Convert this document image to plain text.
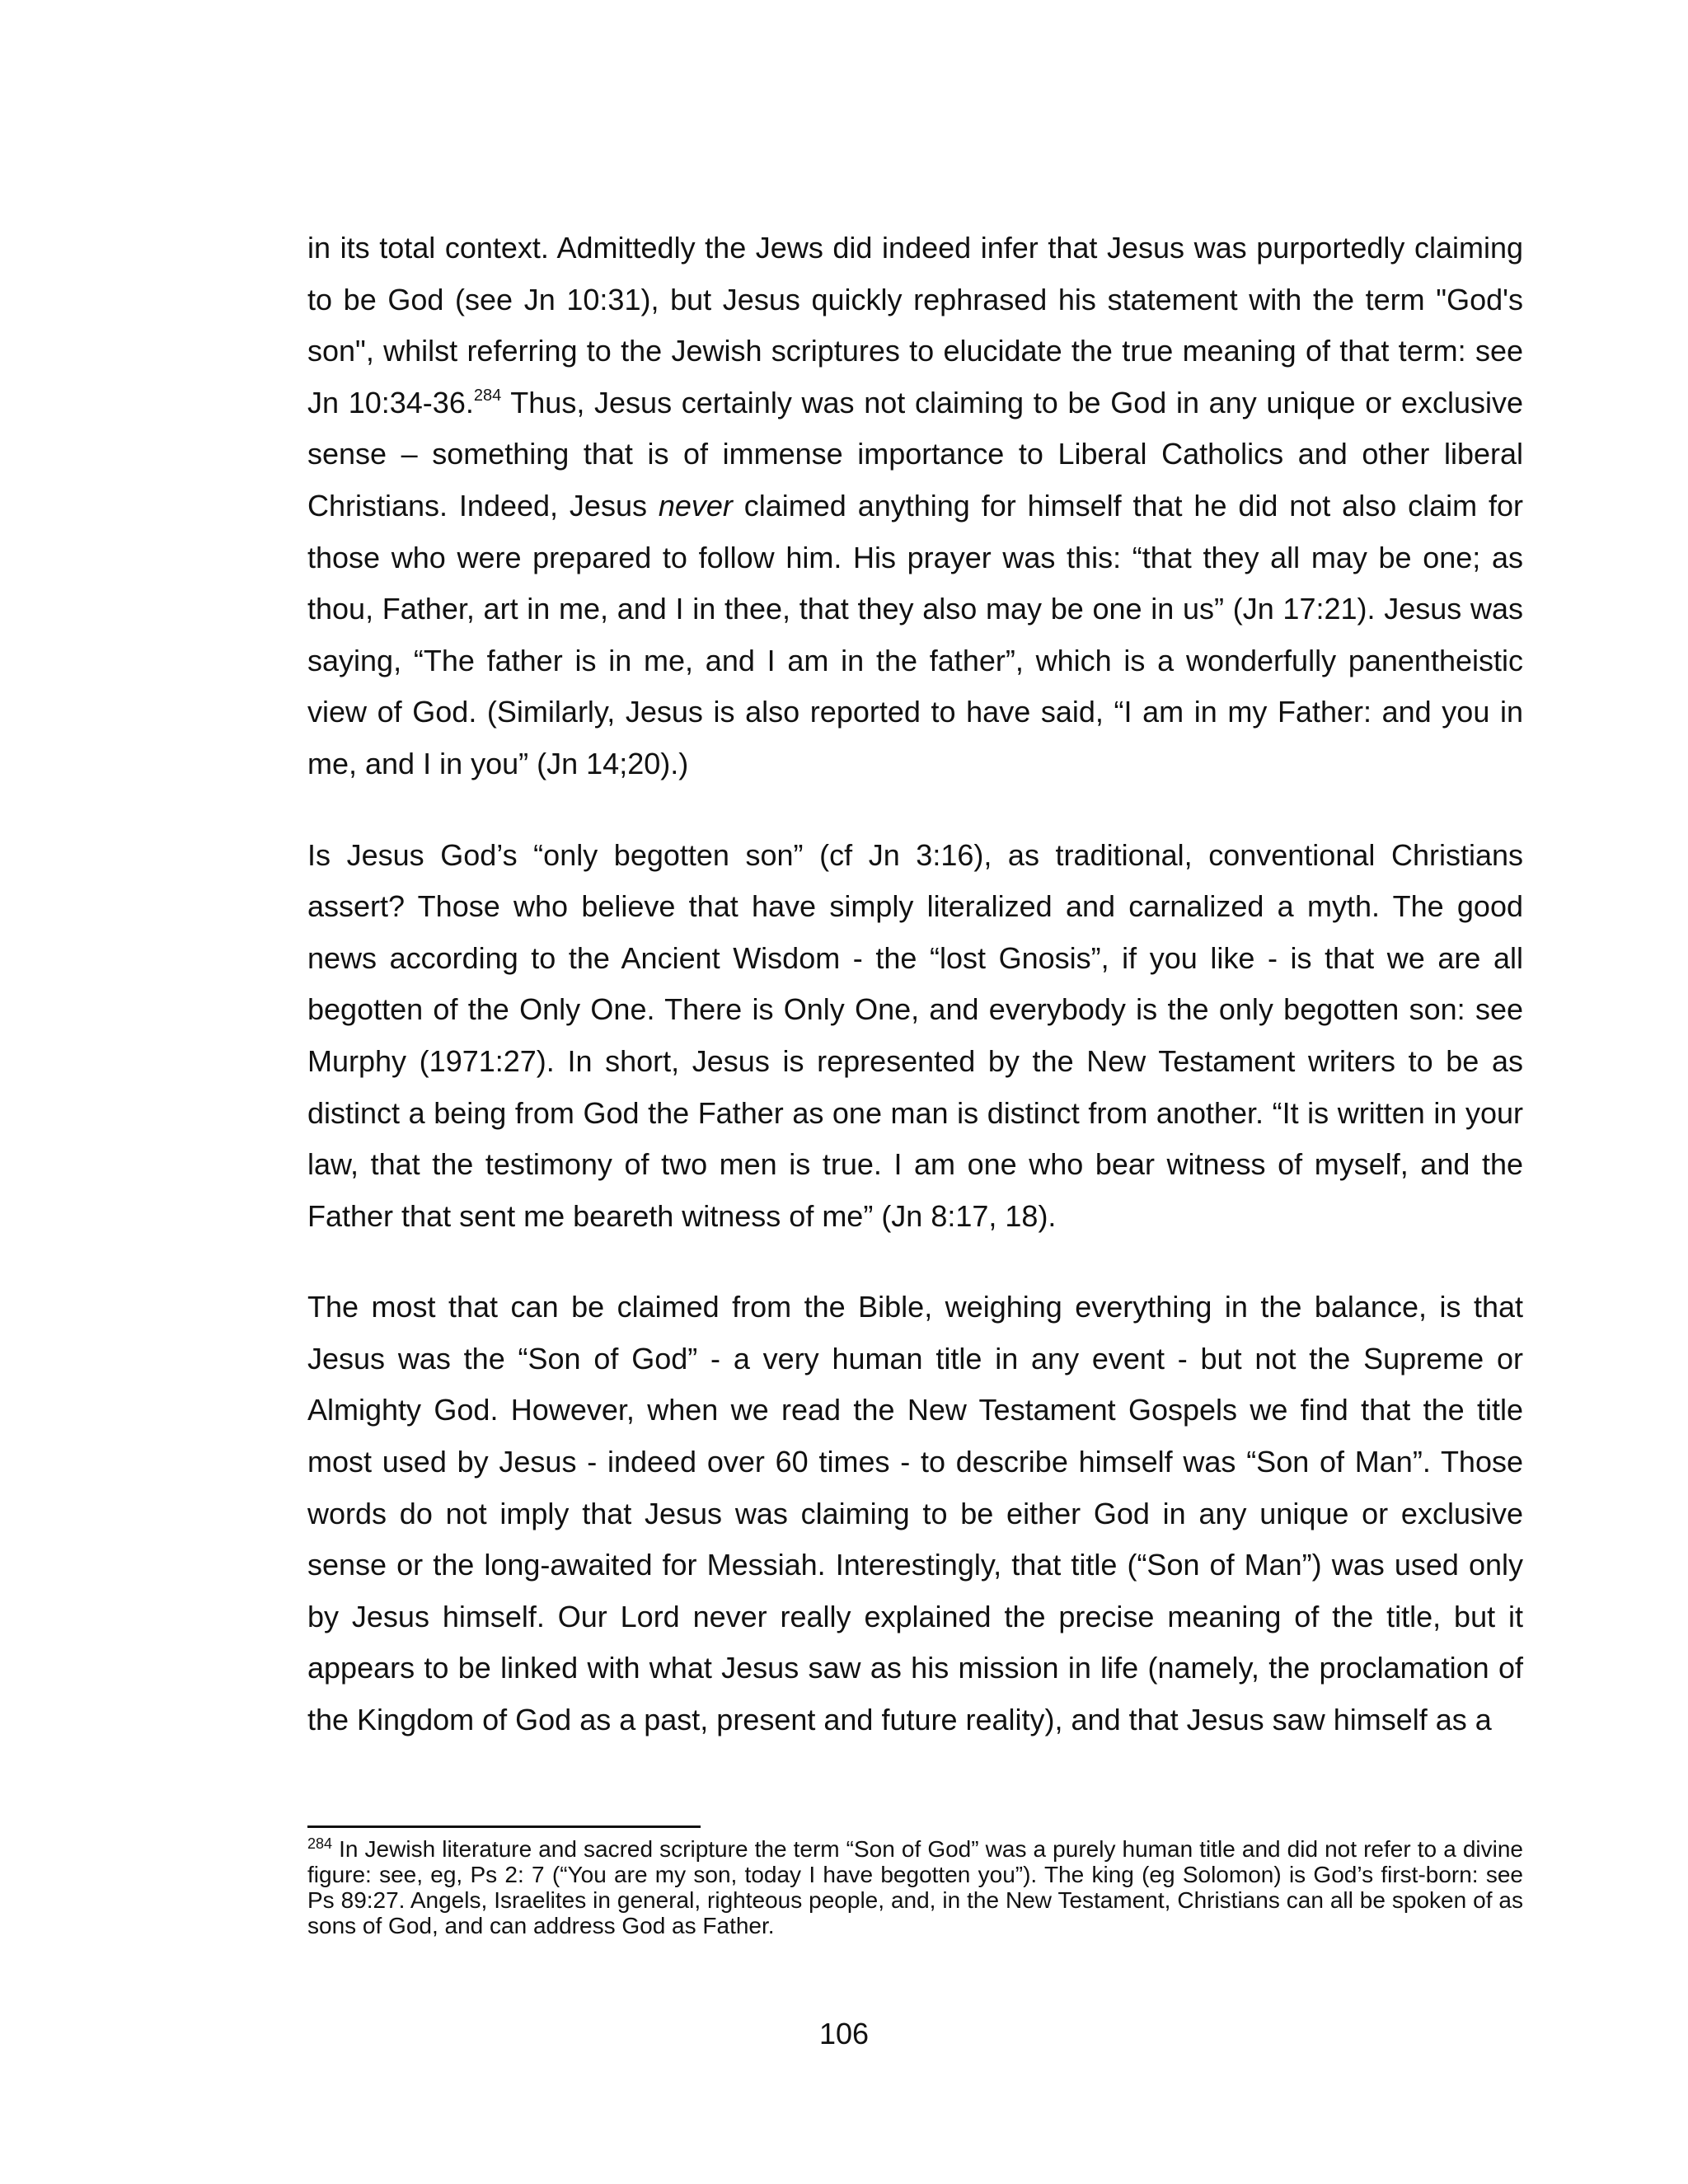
in its total context. Admittedly the Jews did indeed infer that Jesus was purportedly claiming to be God (see Jn 10:31), but Jesus quickly rephrased his statement with the term "God's son", whilst referring to the Jewish scriptures to elucidate the true meaning of that term: see Jn 10:34-36.$^{284}$ Thus, Jesus certainly was not claiming to be God in any unique or exclusive sense – something that is of immense importance to Liberal Catholics and other liberal Christians. Indeed, Jesus never claimed anything for himself that he did not also claim for those who were prepared to follow him. His prayer was this: “that they all may be one; as thou, Father, art in me, and I in thee, that they also may be one in us” (Jn 17:21). Jesus was saying, “The father is in me, and I am in the father”, which is a wonderfully panentheistic view of God. (Similarly, Jesus is also reported to have said, “I am in my Father: and you in me, and I in you” (Jn 14;20).)

Is Jesus God’s “only begotten son” (cf Jn 3:16), as traditional, conventional Christians assert? Those who believe that have simply literalized and carnalized a myth. The good news according to the Ancient Wisdom - the “lost Gnosis”, if you like - is that we are all begotten of the Only One. There is Only One, and everybody is the only begotten son: see Murphy (1971:27). In short, Jesus is represented by the New Testament writers to be as distinct a being from God the Father as one man is distinct from another. “It is written in your law, that the testimony of two men is true. I am one who bear witness of myself, and the Father that sent me beareth witness of me” (Jn 8:17, 18).

The most that can be claimed from the Bible, weighing everything in the balance, is that Jesus was the “Son of God” - a very human title in any event - but not the Supreme or Almighty God. However, when we read the New Testament Gospels we find that the title most used by Jesus - indeed over 60 times - to describe himself was “Son of Man”. Those words do not imply that Jesus was claiming to be either God in any unique or exclusive sense or the long-awaited for Messiah. Interestingly, that title (“Son of Man”) was used only by Jesus himself. Our Lord never really explained the precise meaning of the title, but it appears to be linked with what Jesus saw as his mission in life (namely, the proclamation of the Kingdom of God as a past, present and future reality), and that Jesus saw himself as a

$^{284}$ In Jewish literature and sacred scripture the term “Son of God” was a purely human title and did not refer to a divine figure: see, eg, Ps 2: 7 (“You are my son, today I have begotten you”). The king (eg Solomon) is God’s first-born: see Ps 89:27. Angels, Israelites in general, righteous people, and, in the New Testament, Christians can all be spoken of as sons of God, and can address God as Father.

106
